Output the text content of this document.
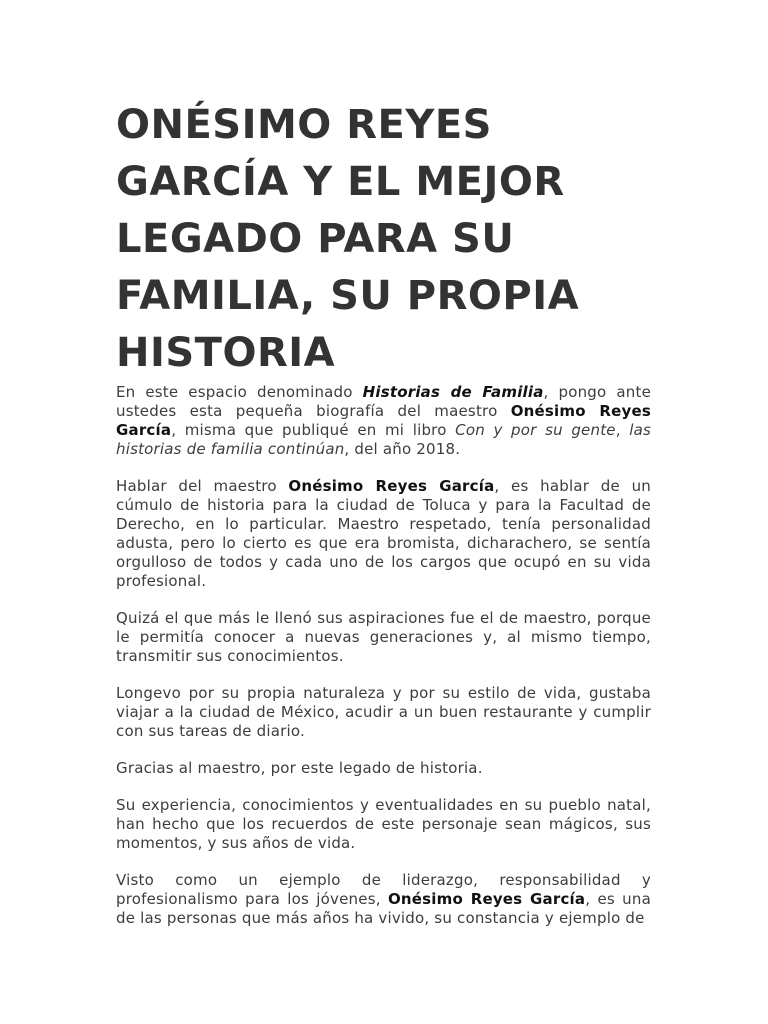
ONÉSIMO REYES
GARCÍA Y EL MEJOR
LEGADO PARA SU
FAMILIA, SU PROPIA
HISTORIA

En este espacio denominado Historias de Familia, pongo ante ustedes esta pequeña biografía del maestro Onésimo Reyes García, misma que publiqué en mi libro Con y por su gente, las historias de familia continúan, del año 2018.

Hablar del maestro Onésimo Reyes García, es hablar de un cúmulo de historia para la ciudad de Toluca y para la Facultad de Derecho, en lo particular. Maestro respetado, tenía personalidad adusta, pero lo cierto es que era bromista, dicharachero, se sentía orgulloso de todos y cada uno de los cargos que ocupó en su vida profesional.

Quizá el que más le llenó sus aspiraciones fue el de maestro, porque le permitía conocer a nuevas generaciones y, al mismo tiempo, transmitir sus conocimientos.

Longevo por su propia naturaleza y por su estilo de vida, gustaba viajar a la ciudad de México, acudir a un buen restaurante y cumplir con sus tareas de diario.

Gracias al maestro, por este legado de historia.

Su experiencia, conocimientos y eventualidades en su pueblo natal, han hecho que los recuerdos de este personaje sean mágicos, sus momentos, y sus años de vida.

Visto como un ejemplo de liderazgo, responsabilidad y profesionalismo para los jóvenes, Onésimo Reyes García, es una de las personas que más años ha vivido, su constancia y ejemplo de
